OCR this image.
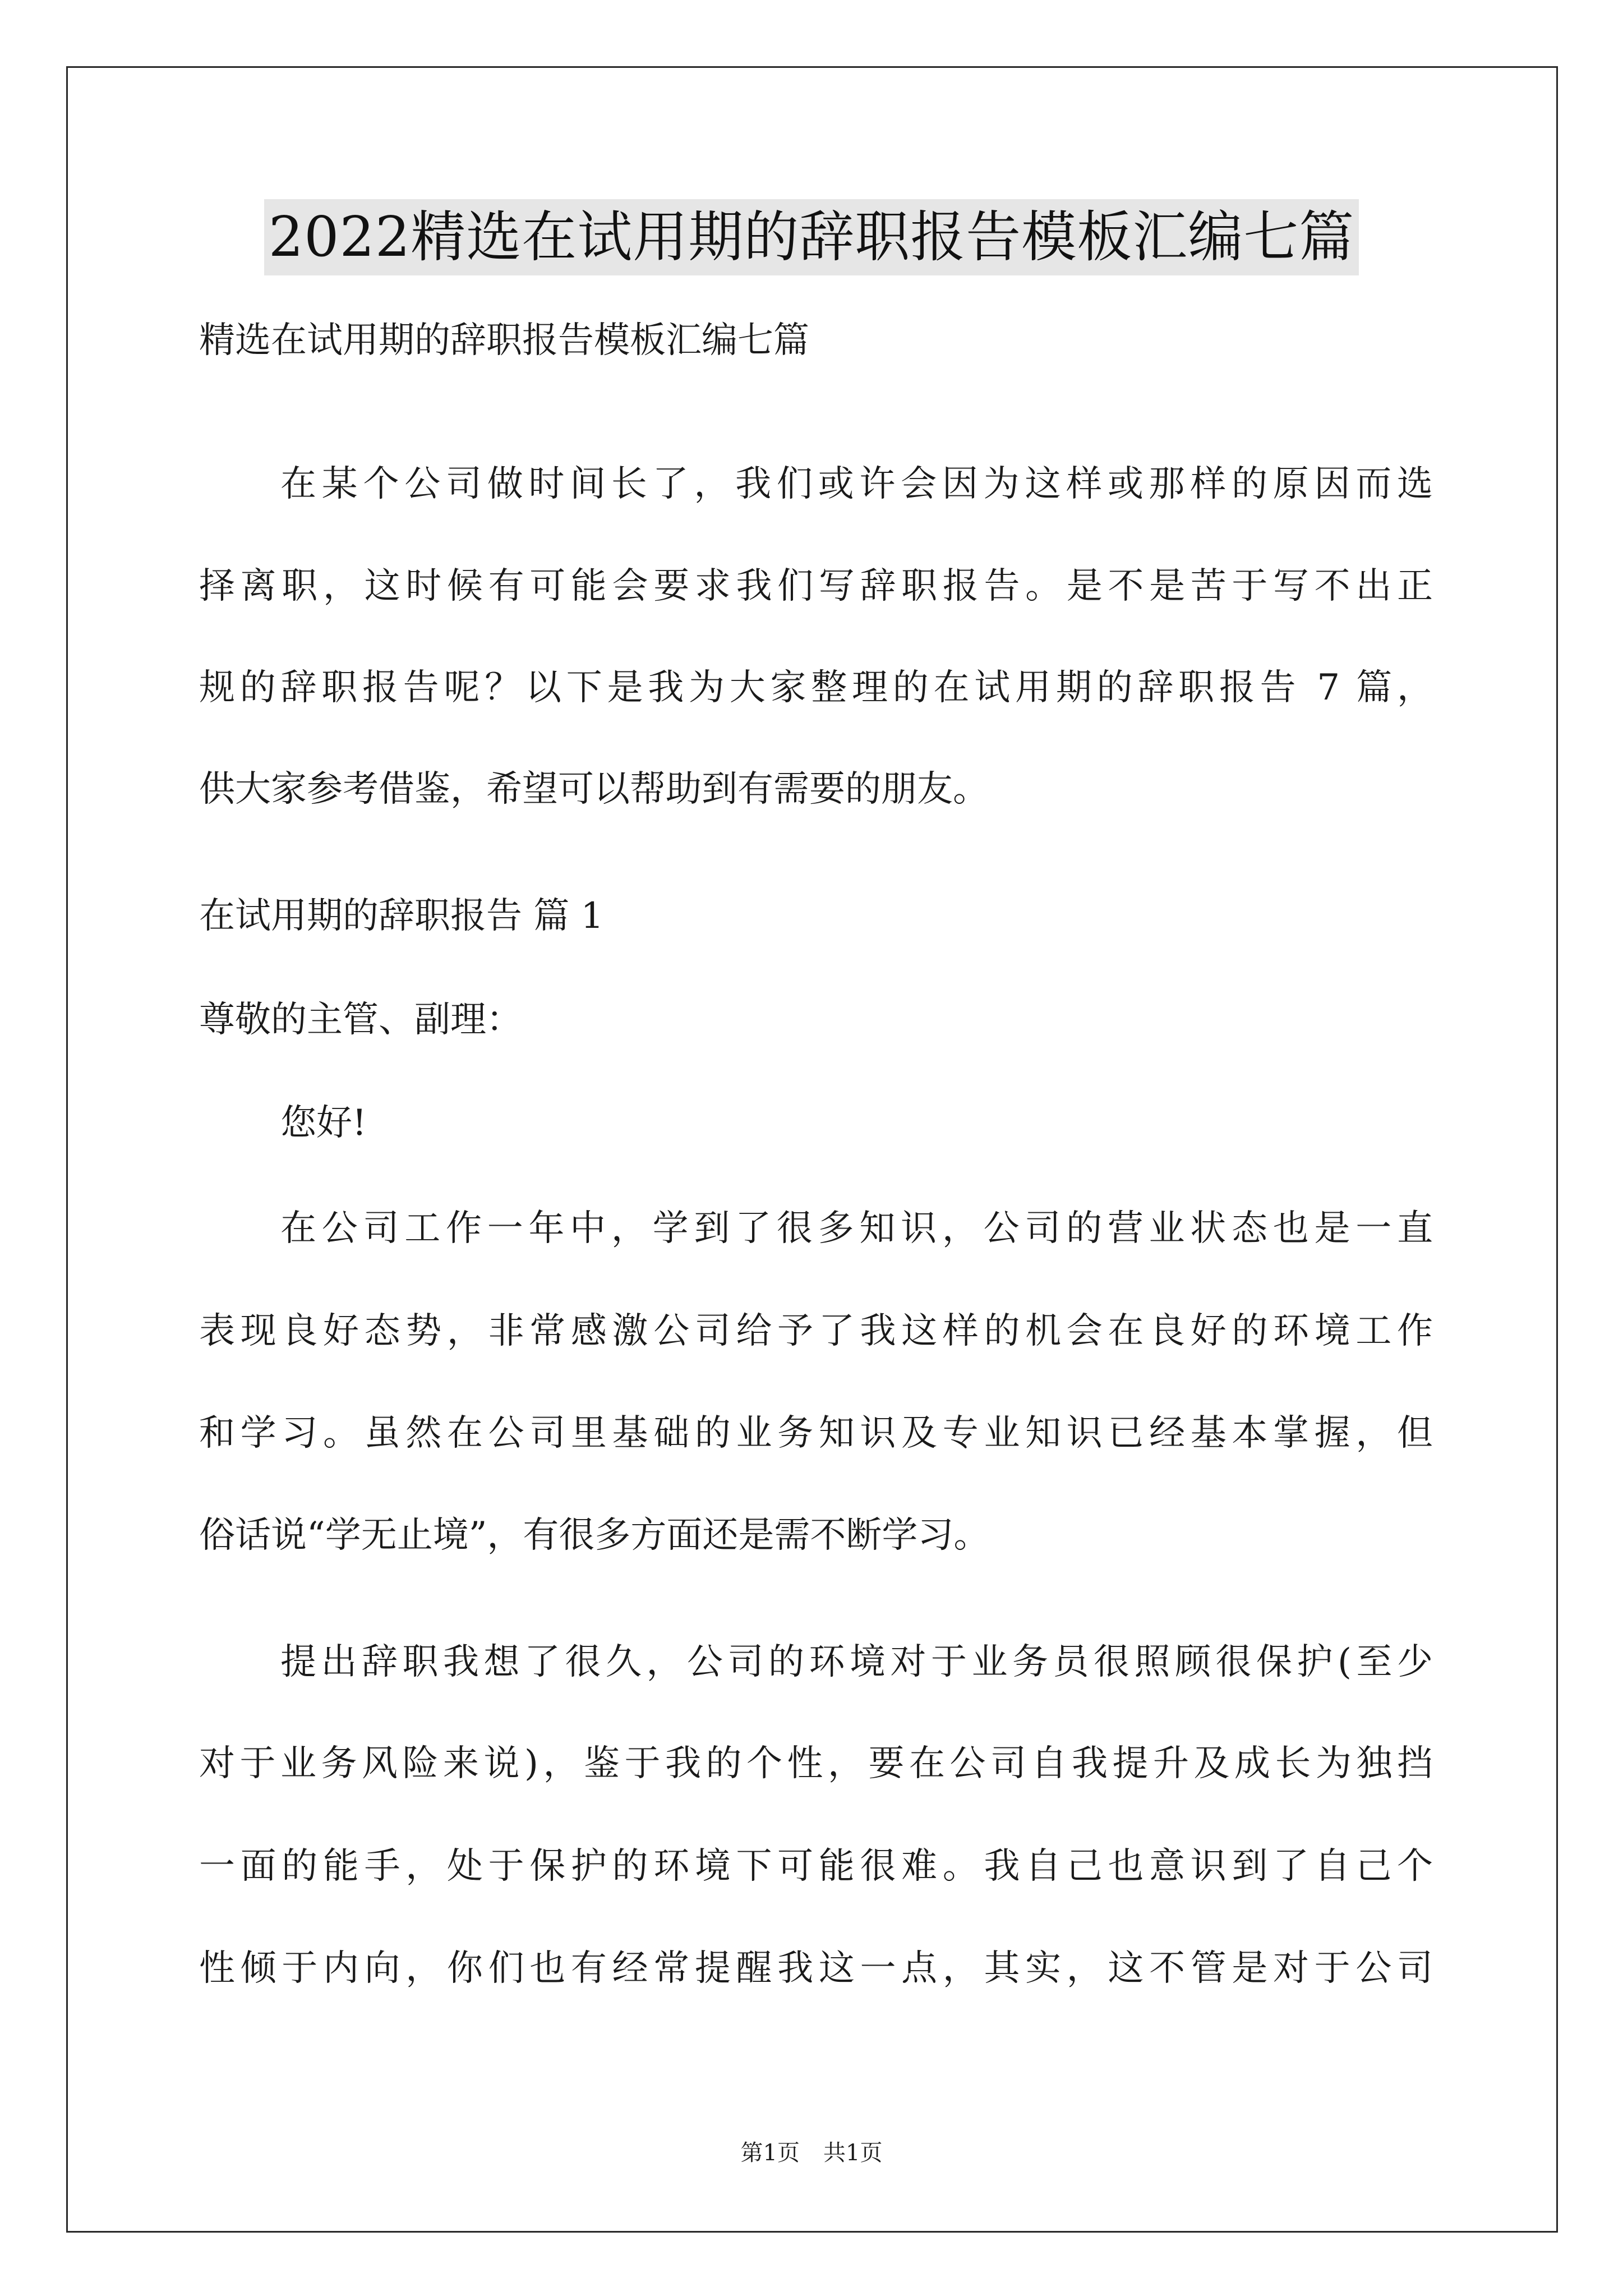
2022精选在试用期的辞职报告模板汇编七篇
精选在试用期的辞职报告模板汇编七篇
在某个公司做时间长了，我们或许会因为这样或那样的原因而选
择离职，这时候有可能会要求我们写辞职报告。是不是苦于写不出正
规的辞职报告呢？以下是我为大家整理的在试用期的辞职报告 7 篇，
供大家参考借鉴，希望可以帮助到有需要的朋友。
在试用期的辞职报告 篇 1
尊敬的主管、副理：
您好!
在公司工作一年中，学到了很多知识，公司的营业状态也是一直
表现良好态势，非常感激公司给予了我这样的机会在良好的环境工作
和学习。虽然在公司里基础的业务知识及专业知识已经基本掌握，但
俗话说“学无止境”，有很多方面还是需不断学习。
提出辞职我想了很久，公司的环境对于业务员很照顾很保护(至少
对于业务风险来说)，鉴于我的个性，要在公司自我提升及成长为独挡
一面的能手，处于保护的环境下可能很难。我自己也意识到了自己个
性倾于内向，你们也有经常提醒我这一点，其实，这不管是对于公司
第1页 共1页
